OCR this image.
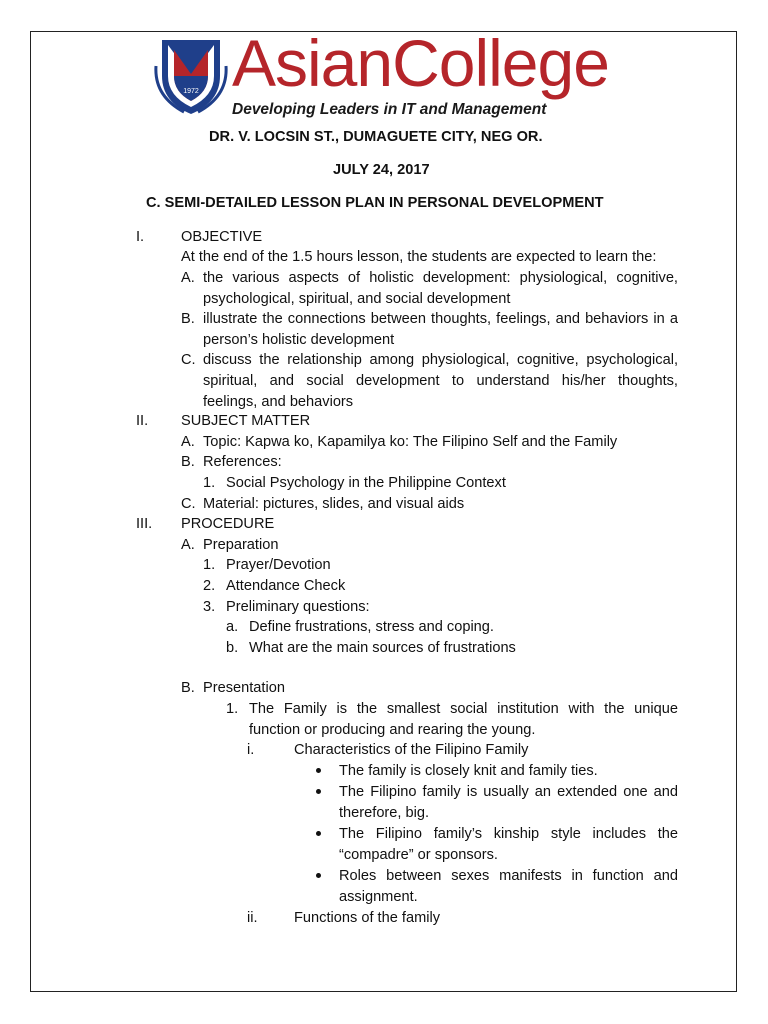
1972 AsianCollege
Developing Leaders in IT and Management
DR. V. LOCSIN ST., DUMAGUETE CITY, NEG OR.
JULY 24, 2017
C. SEMI-DETAILED LESSON PLAN IN PERSONAL DEVELOPMENT
I.	OBJECTIVE
At the end of the 1.5 hours lesson, the students are expected to learn the:
A. the various aspects of holistic development: physiological, cognitive, psychological, spiritual, and social development
B. illustrate the connections between thoughts, feelings, and behaviors in a person’s holistic development
C. discuss the relationship among physiological, cognitive, psychological, spiritual, and social development to understand his/her thoughts, feelings, and behaviors
II. SUBJECT MATTER
A. Topic: Kapwa ko, Kapamilya ko: The Filipino Self and the Family
B. References:
1. Social Psychology in the Philippine Context
C. Material: pictures, slides, and visual aids
III. PROCEDURE
A. Preparation
1. Prayer/Devotion
2. Attendance Check
3. Preliminary questions:
a. Define frustrations, stress and coping.
b. What are the main sources of frustrations
B. Presentation
1. The Family is the smallest social institution with the unique function or producing and rearing the young.
i.	Characteristics of the Filipino Family
The family is closely knit and family ties.
The Filipino family is usually an extended one and therefore, big.
The Filipino family’s kinship style includes the “compadre” or sponsors.
Roles between sexes manifests in function and assignment.
ii. Functions of the family
